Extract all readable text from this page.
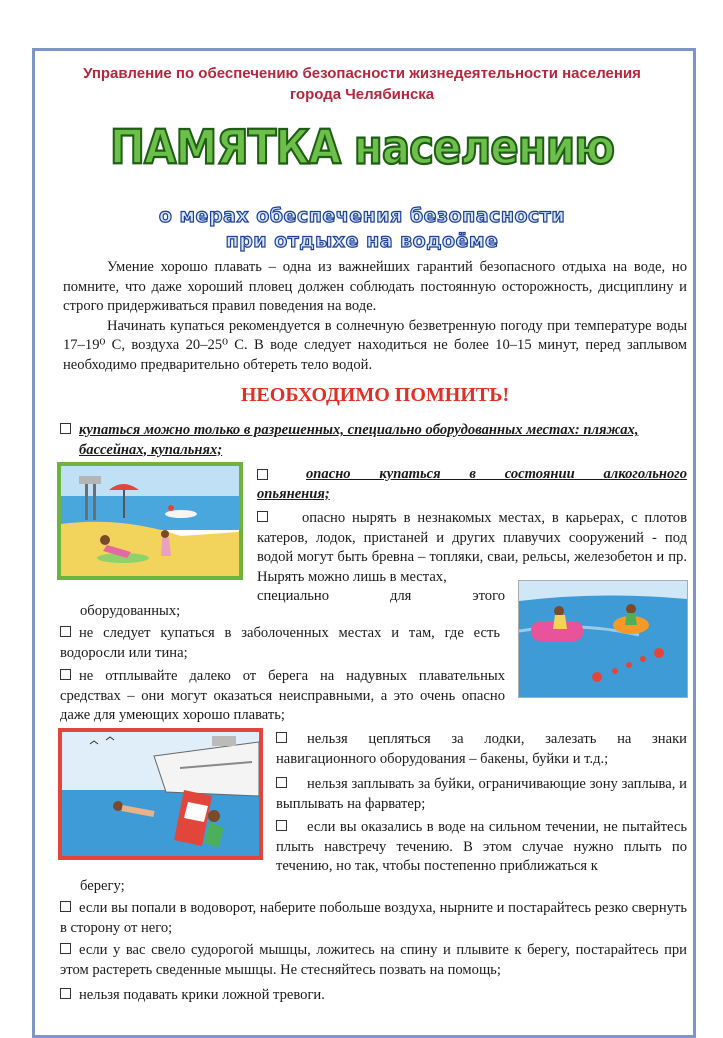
Управление по обеспечению безопасности жизнедеятельности населения
города Челябинска
ПАМЯТКА населению
о мерах обеспечения безопасности
при отдыхе на водоёме

Умение хорошо плавать – одна из важнейших гарантий безопасного отдыха на воде, но помните, что даже хороший пловец должен соблюдать постоянную осторожность, дисциплину и строго придерживаться правил поведения на воде.

Начинать купаться рекомендуется в солнечную безветренную погоду при температуре воды 17–19⁰ С, воздуха 20–25⁰ С. В воде следует находиться не более 10–15 минут, перед заплывом необходимо предварительно обтереть тело водой.

НЕОБХОДИМО ПОМНИТЬ!
купаться можно только в разрешенных, специально оборудованных местах: пляжах,
бассейнах, купальнях;
опасно купаться в состоянии алкогольного
опьянения;
опасно нырять в незнакомых местах, в карьерах, с плотов катеров, лодок, пристаней и других плавучих сооружений - под водой могут быть бревна – топляки, сваи, рельсы, железобетон и пр. Нырять можно лишь в местах,
специально для этого
оборудованных;
не следует купаться в заболоченных местах и там, где есть водоросли или тина;
не отплывайте далеко от берега на надувных плавательных средствах – они могут оказаться неисправными, а это очень опасно даже для умеющих хорошо плавать;
нельзя цепляться за лодки, залезать на знаки навигационного оборудования – бакены, буйки и т.д.;
нельзя заплывать за буйки, ограничивающие зону заплыва, и выплывать на фарватер;
если вы оказались в воде на сильном течении, не пытайтесь плыть навстречу течению. В этом случае нужно плыть по течению, но так, чтобы постепенно приближаться к
берегу;
если вы попали в водоворот, наберите побольше воздуха, нырните и постарайтесь резко свернуть в сторону от него;
если у вас свело судорогой мышцы, ложитесь на спину и плывите к берегу, постарайтесь при этом растереть сведенные мышцы. Не стесняйтесь позвать на помощь;
нельзя подавать крики ложной тревоги.
